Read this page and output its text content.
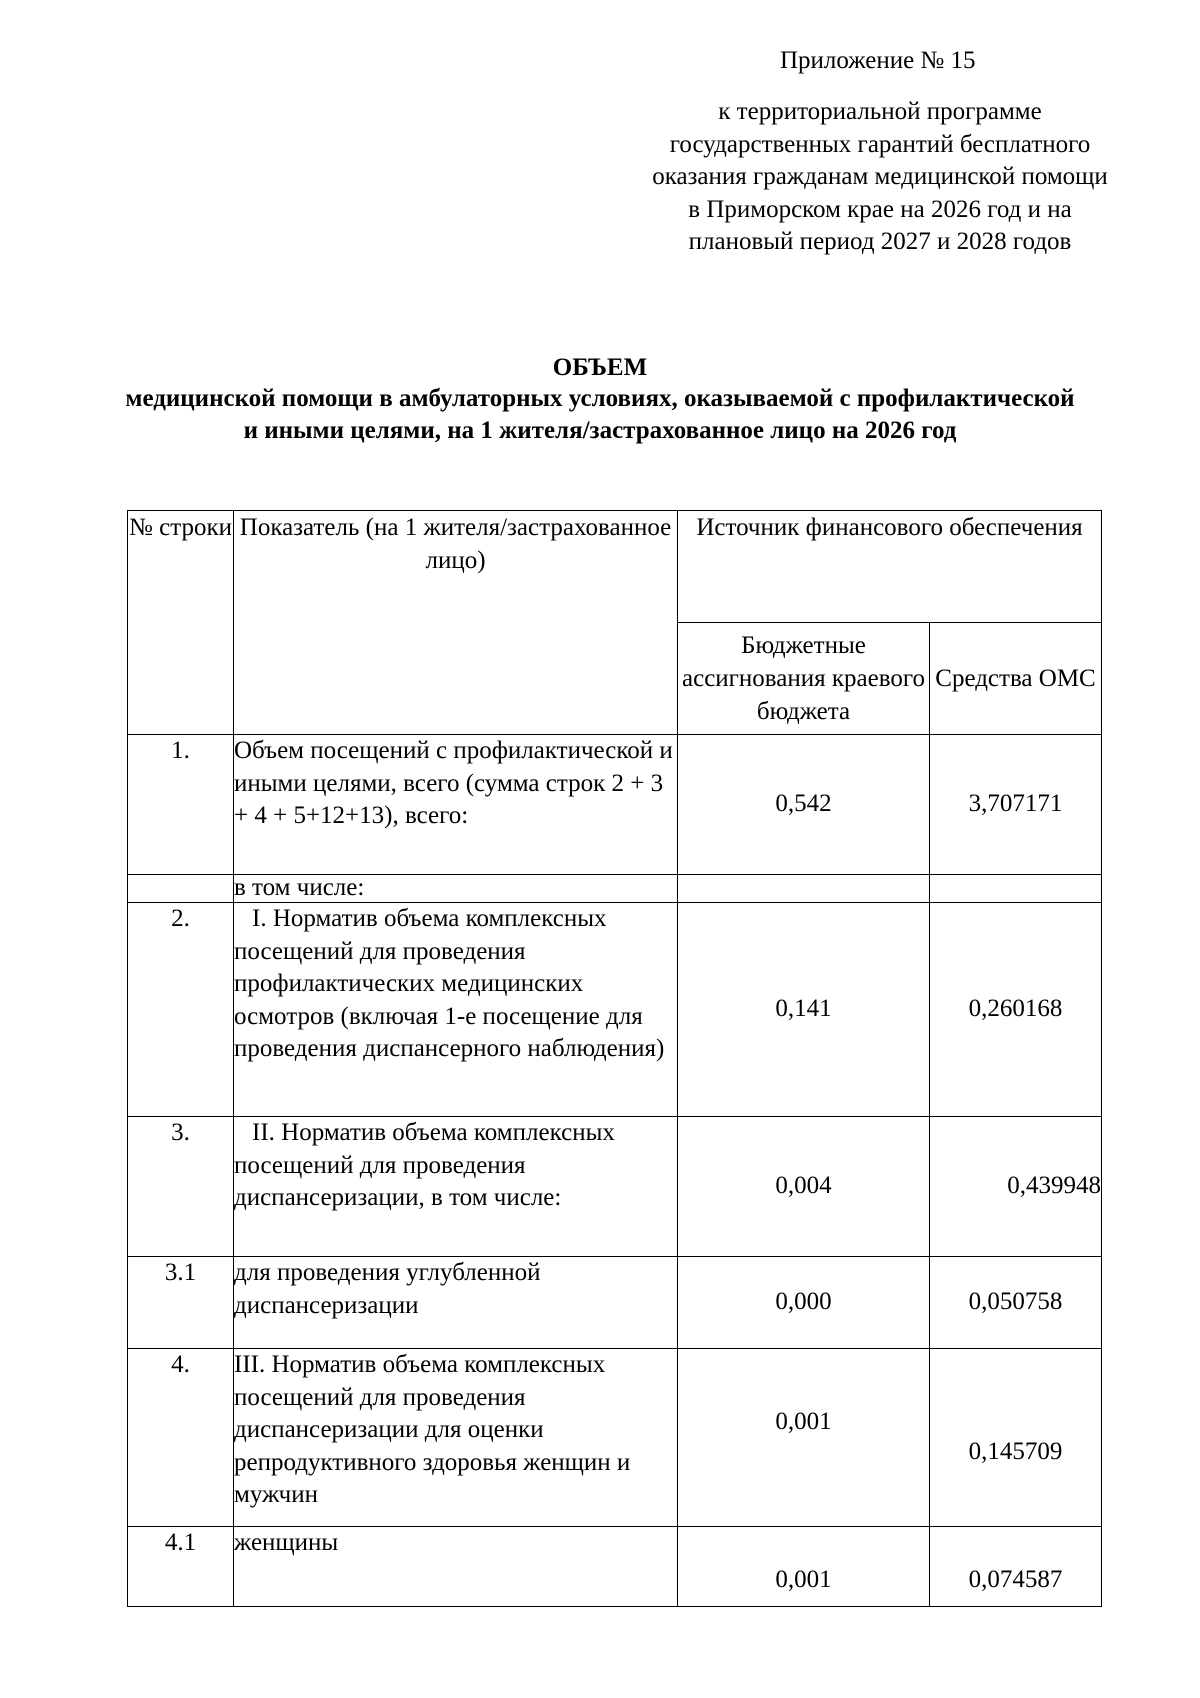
Приложение № 15
к территориальной программе государственных гарантий бесплатного оказания гражданам медицинской помощи в Приморском крае на 2026 год и на плановый период 2027 и 2028 годов
ОБЪЕМ
медицинской помощи в амбулаторных условиях, оказываемой с профилактической и иными целями, на 1 жителя/застрахованное лицо на 2026 год
№ строки	Показатель (на 1 жителя/застрахованное лицо)	Источник финансового обеспечения	
		Бюджетные ассигнования краевого бюджета	Средства ОМС
1.	Объем посещений с профилактической и иными целями, всего (сумма строк 2 + 3 + 4 + 5+12+13), всего:	0,542	3,707171
	в том числе:		
2.	I. Норматив объема комплексных посещений для проведения профилактических медицинских осмотров (включая 1-е посещение для проведения диспансерного наблюдения)	0,141	0,260168
3.	II. Норматив объема комплексных посещений для проведения диспансеризации, в том числе:	0,004	0,439948
3.1	для проведения углубленной диспансеризации	0,000	0,050758
4.	III. Норматив объема комплексных посещений для проведения диспансеризации для оценки репродуктивного здоровья женщин и мужчин	0,001	0,145709
4.1	женщины	0,001	0,074587
